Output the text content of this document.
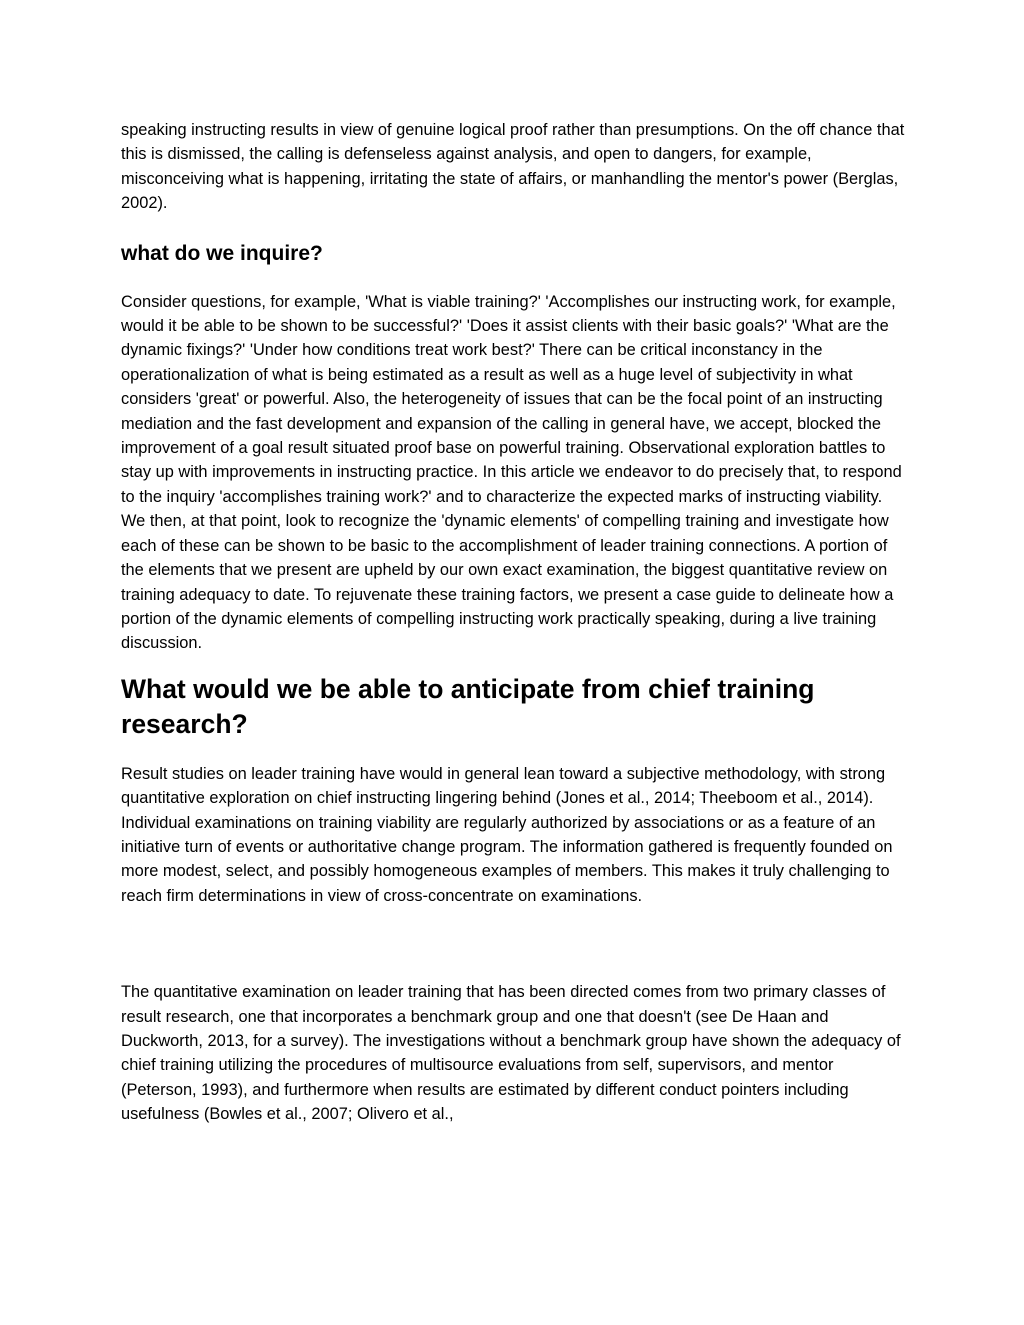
speaking instructing results in view of genuine logical proof rather than presumptions. On the off chance that this is dismissed, the calling is defenseless against analysis, and open to dangers, for example, misconceiving what is happening, irritating the state of affairs, or manhandling the mentor's power (Berglas, 2002).

what do we inquire?

Consider questions, for example, 'What is viable training?' 'Accomplishes our instructing work, for example, would it be able to be shown to be successful?' 'Does it assist clients with their basic goals?' 'What are the dynamic fixings?' 'Under how conditions treat work best?' There can be critical inconstancy in the operationalization of what is being estimated as a result as well as a huge level of subjectivity in what considers 'great' or powerful. Also, the heterogeneity of issues that can be the focal point of an instructing mediation and the fast development and expansion of the calling in general have, we accept, blocked the improvement of a goal result situated proof base on powerful training. Observational exploration battles to stay up with improvements in instructing practice. In this article we endeavor to do precisely that, to respond to the inquiry 'accomplishes training work?' and to characterize the expected marks of instructing viability. We then, at that point, look to recognize the 'dynamic elements' of compelling training and investigate how each of these can be shown to be basic to the accomplishment of leader training connections. A portion of the elements that we present are upheld by our own exact examination, the biggest quantitative review on training adequacy to date. To rejuvenate these training factors, we present a case guide to delineate how a portion of the dynamic elements of compelling instructing work practically speaking, during a live training discussion.

What would we be able to anticipate from chief training research?

Result studies on leader training have would in general lean toward a subjective methodology, with strong quantitative exploration on chief instructing lingering behind (Jones et al., 2014; Theeboom et al., 2014). Individual examinations on training viability are regularly authorized by associations or as a feature of an initiative turn of events or authoritative change program. The information gathered is frequently founded on more modest, select, and possibly homogeneous examples of members. This makes it truly challenging to reach firm determinations in view of cross-concentrate on examinations.

The quantitative examination on leader training that has been directed comes from two primary classes of result research, one that incorporates a benchmark group and one that doesn't (see De Haan and Duckworth, 2013, for a survey). The investigations without a benchmark group have shown the adequacy of chief training utilizing the procedures of multisource evaluations from self, supervisors, and mentor (Peterson, 1993), and furthermore when results are estimated by different conduct pointers including usefulness (Bowles et al., 2007; Olivero et al.,
